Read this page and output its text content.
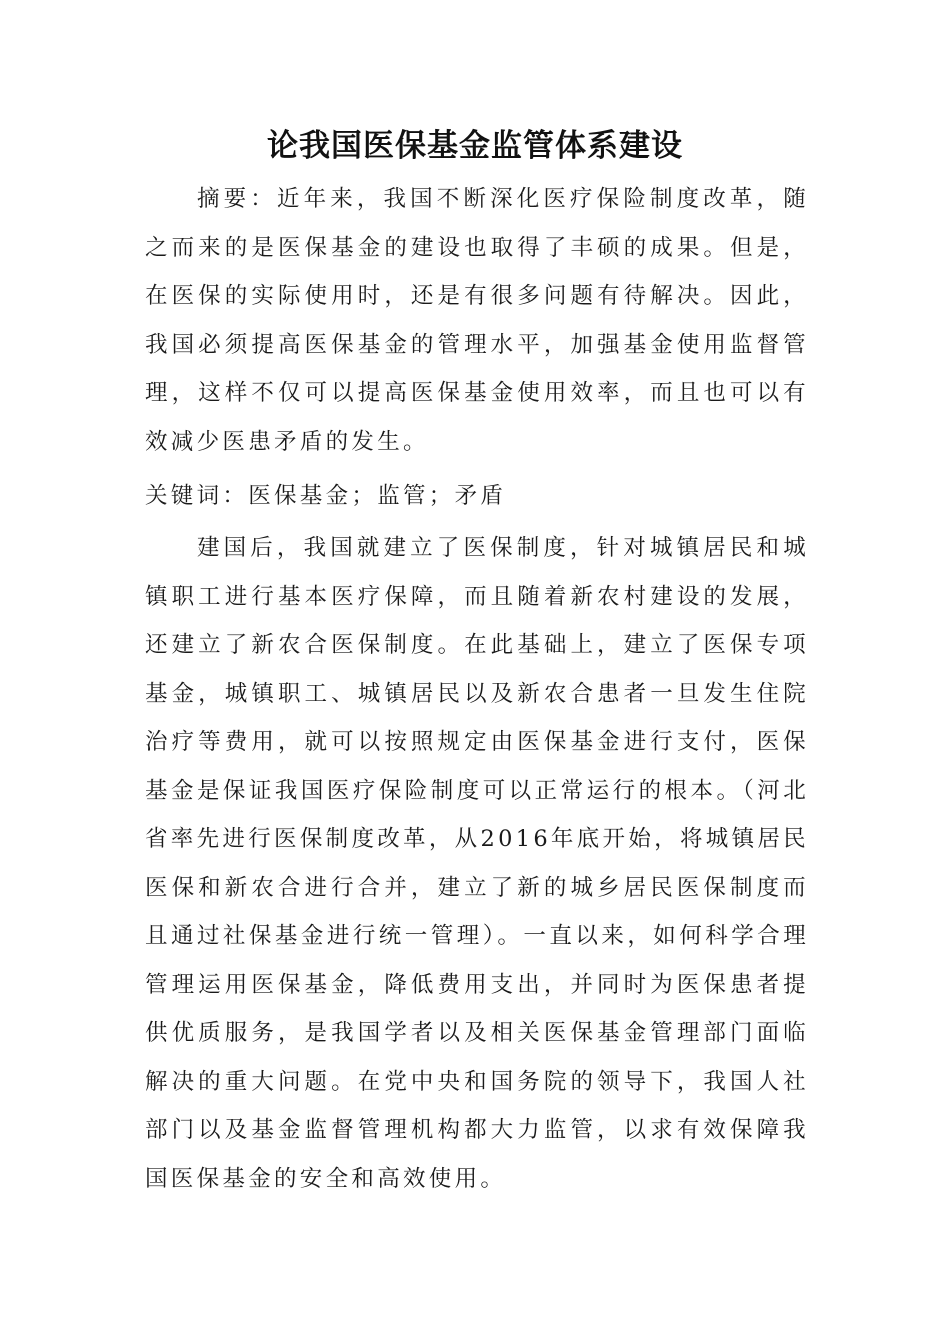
论我国医保基金监管体系建设

摘要：近年来，我国不断深化医疗保险制度改革，随之而来的是医保基金的建设也取得了丰硕的成果。但是，在医保的实际使用时，还是有很多问题有待解决。因此，我国必须提高医保基金的管理水平，加强基金使用监督管理，这样不仅可以提高医保基金使用效率，而且也可以有效减少医患矛盾的发生。

关键词：医保基金；监管；矛盾

建国后，我国就建立了医保制度，针对城镇居民和城镇职工进行基本医疗保障，而且随着新农村建设的发展，还建立了新农合医保制度。在此基础上，建立了医保专项基金，城镇职工、城镇居民以及新农合患者一旦发生住院治疗等费用，就可以按照规定由医保基金进行支付，医保基金是保证我国医疗保险制度可以正常运行的根本。（河北省率先进行医保制度改革，从2016年底开始，将城镇居民医保和新农合进行合并，建立了新的城乡居民医保制度而且通过社保基金进行统一管理）。一直以来，如何科学合理管理运用医保基金，降低费用支出，并同时为医保患者提供优质服务，是我国学者以及相关医保基金管理部门面临解决的重大问题。在党中央和国务院的领导下，我国人社部门以及基金监督管理机构都大力监管，以求有效保障我国医保基金的安全和高效使用。
